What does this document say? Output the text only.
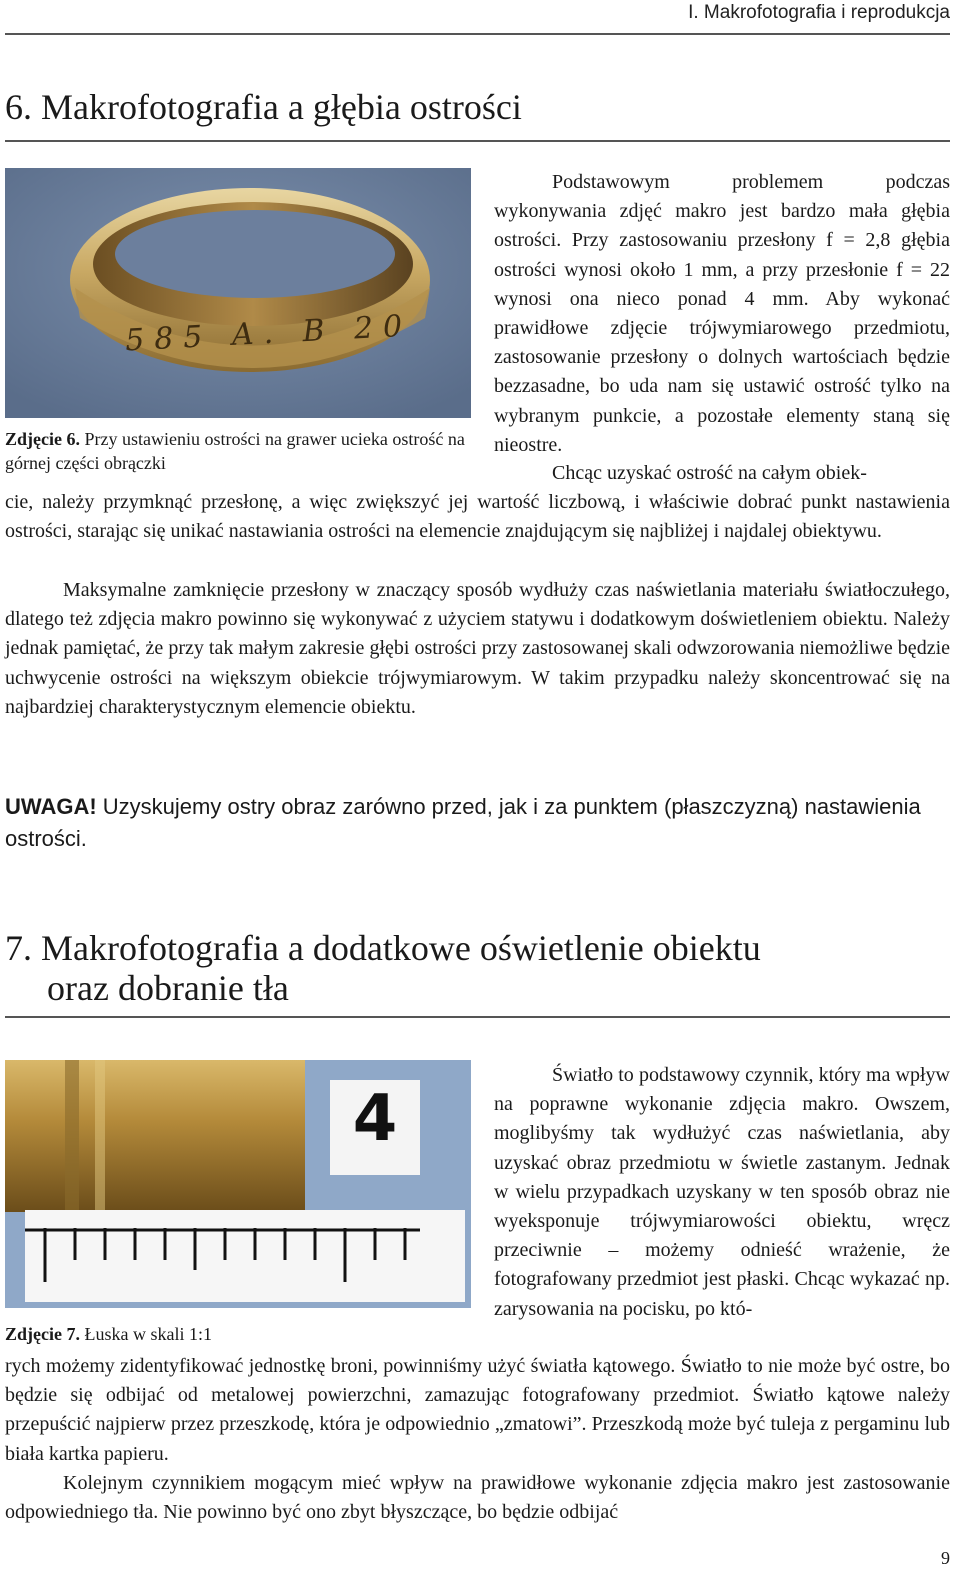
I. Makrofotografia i reprodukcja
6. Makrofotografia a głębia ostrości
585 A. B 20
Zdjęcie 6. Przy ustawieniu ostrości na grawer ucieka ostrość na górnej części obrączki

Podstawowym problemem podczas wykonywania zdjęć makro jest bardzo mała głębia ostrości. Przy zastosowaniu przesłony f = 2,8 głębia ostrości wynosi około 1 mm, a przy przesłonie f = 22 wynosi ona nieco ponad 4 mm. Aby wykonać prawidłowe zdjęcie trójwymiarowego przedmiotu, zastosowanie przesłony o dolnych wartościach będzie bezzasadne, bo uda nam się ustawić ostrość tylko na wybranym punkcie, a pozostałe elementy staną się nieostre.

Chcąc uzyskać ostrość na całym obiek-

cie, należy przymknąć przesłonę, a więc zwiększyć jej wartość liczbową, i właściwie dobrać punkt nastawienia ostrości, starając się unikać nastawiania ostrości na elemencie znajdującym się najbliżej i najdalej obiektywu.

Maksymalne zamknięcie przesłony w znaczący sposób wydłuży czas naświetlania materiału światłoczułego, dlatego też zdjęcia makro powinno się wykonywać z użyciem statywu i dodatkowym doświetleniem obiektu. Należy jednak pamiętać, że przy tak małym zakresie głębi ostrości przy zastosowanej skali odwzorowania niemożliwe będzie uchwycenie ostrości na większym obiekcie trójwymiarowym. W takim przypadku należy skoncentrować się na najbardziej charakterystycznym elemencie obiektu.

UWAGA! Uzyskujemy ostry obraz zarówno przed, jak i za punktem (płaszczyzną) nastawienia ostrości.
7. Makrofotografia a dodatkowe oświetlenie obiektu
oraz dobranie tła
4
Zdjęcie 7. Łuska w skali 1:1

Światło to podstawowy czynnik, który ma wpływ na poprawne wykonanie zdjęcia makro. Owszem, moglibyśmy tak wydłużyć czas naświetlania, aby uzyskać obraz przedmiotu w świetle zastanym. Jednak w wielu przypadkach uzyskany w ten sposób obraz nie wyeksponuje trójwymiarowości obiektu, wręcz przeciwnie – możemy odnieść wrażenie, że fotografowany przedmiot jest płaski. Chcąc wykazać np. zarysowania na pocisku, po któ-

rych możemy zidentyfikować jednostkę broni, powinniśmy użyć światła kątowego. Światło to nie może być ostre, bo będzie się odbijać od metalowej powierzchni, zamazując fotografowany przedmiot. Światło kątowe należy przepuścić najpierw przez przeszkodę, która je odpowiednio „zmatowi”. Przeszkodą może być tuleja z pergaminu lub biała kartka papieru.

Kolejnym czynnikiem mogącym mieć wpływ na prawidłowe wykonanie zdjęcia makro jest zastosowanie odpowiedniego tła. Nie powinno być ono zbyt błyszczące, bo będzie odbijać

9
